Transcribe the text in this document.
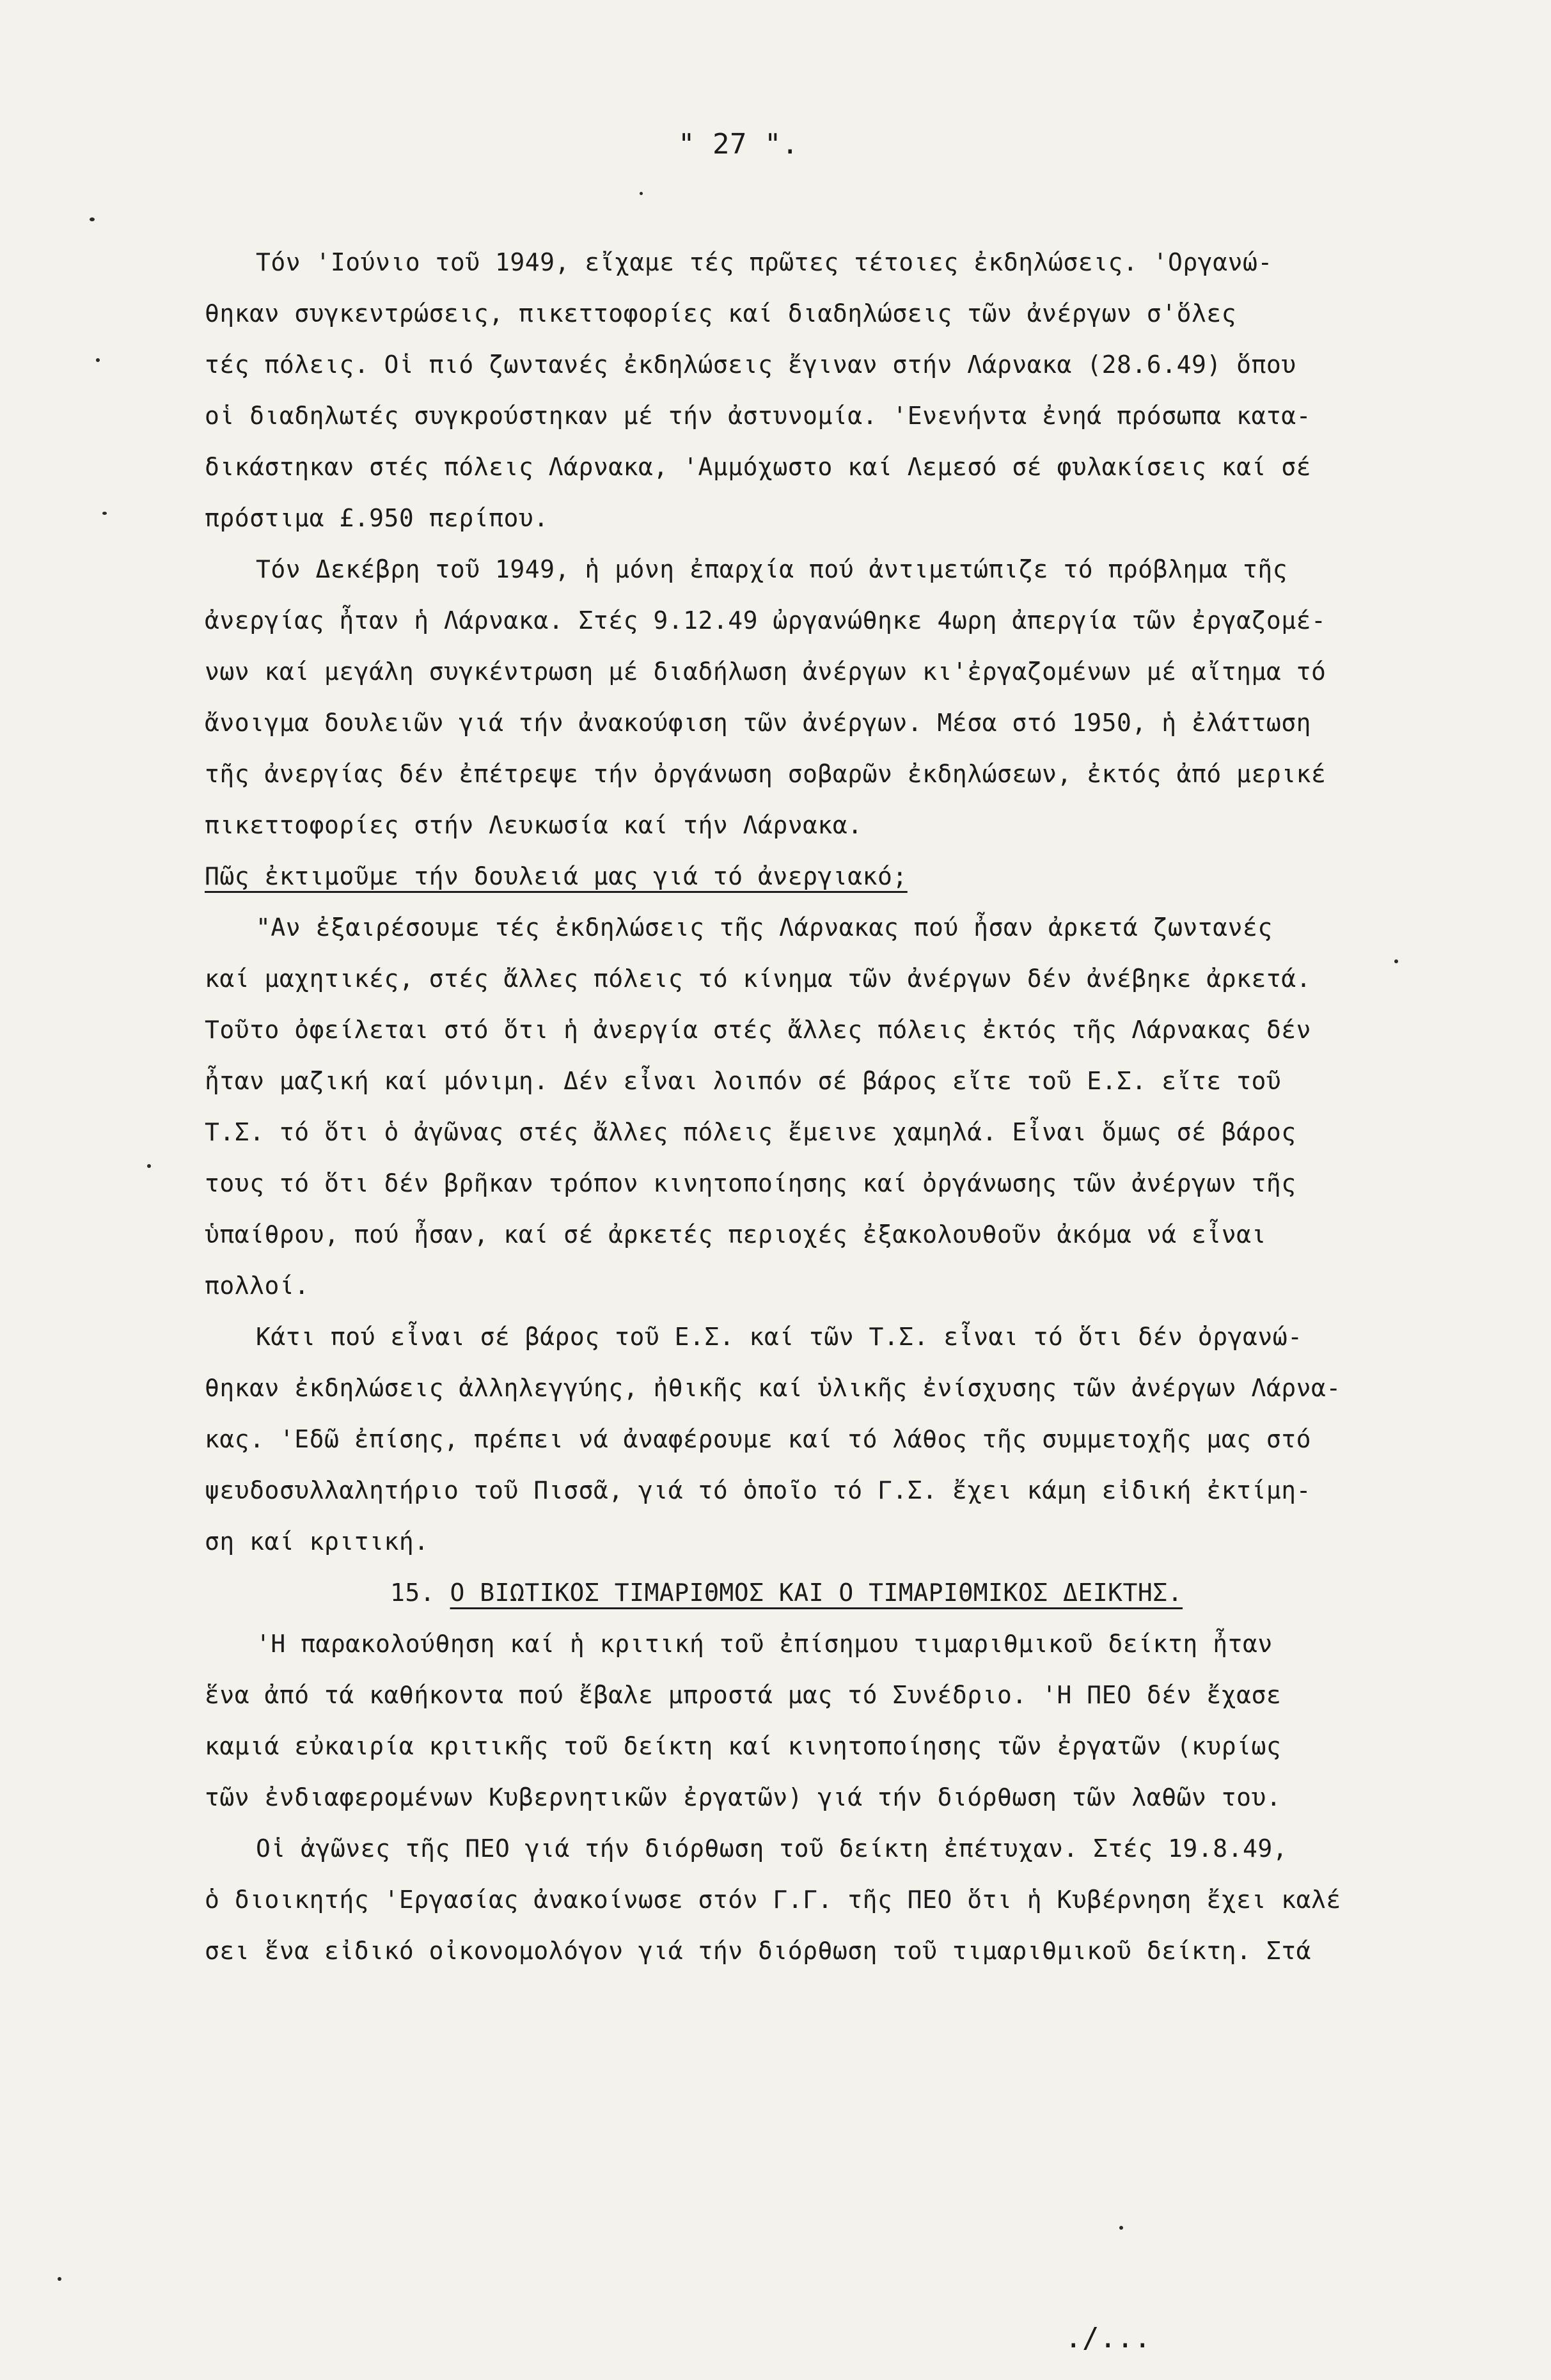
" 27 ".
Τόν 'Ιούνιο τοῦ 1949, εἴχαμε τές πρῶτες τέτοιες ἐκδηλώσεις. 'Οργανώ-
θηκαν συγκεντρώσεις, πικεττοφορίες καί διαδηλώσεις τῶν ἀνέργων σ'ὅλες
τές πόλεις. Οἱ πιό ζωντανές ἐκδηλώσεις ἔγιναν στήν Λάρνακα (28.6.49) ὅπου
οἱ διαδηλωτές συγκρούστηκαν μέ τήν ἀστυνομία. 'Ενενήντα ἐνηά πρόσωπα κατα-
δικάστηκαν στές πόλεις Λάρνακα, 'Αμμόχωστο καί Λεμεσό σέ φυλακίσεις καί σέ
πρόστιμα £.950 περίπου.
Τόν Δεκέβρη τοῦ 1949, ἡ μόνη ἐπαρχία πού ἀντιμετώπιζε τό πρόβλημα τῆς
ἀνεργίας ἦταν ἡ Λάρνακα. Στές 9.12.49 ὠργανώθηκε 4ωρη ἀπεργία τῶν ἐργαζομέ-
νων καί μεγάλη συγκέντρωση μέ διαδήλωση ἀνέργων κι'ἐργαζομένων μέ αἴτημα τό
ἄνοιγμα δουλειῶν γιά τήν ἀνακούφιση τῶν ἀνέργων. Μέσα στό 1950, ἡ ἐλάττωση
τῆς ἀνεργίας δέν ἐπέτρεψε τήν ὀργάνωση σοβαρῶν ἐκδηλώσεων, ἐκτός ἀπό μερικέ
πικεττοφορίες στήν Λευκωσία καί τήν Λάρνακα.
Πῶς ἐκτιμοῦμε τήν δουλειά μας γιά τό ἀνεργιακό;
"Αν ἐξαιρέσουμε τές ἐκδηλώσεις τῆς Λάρνακας πού ἦσαν ἀρκετά ζωντανές
καί μαχητικές, στές ἄλλες πόλεις τό κίνημα τῶν ἀνέργων δέν ἀνέβηκε ἀρκετά.
Τοῦτο ὀφείλεται στό ὅτι ἡ ἀνεργία στές ἄλλες πόλεις ἐκτός τῆς Λάρνακας δέν
ἦταν μαζική καί μόνιμη. Δέν εἶναι λοιπόν σέ βάρος εἴτε τοῦ Ε.Σ. εἴτε τοῦ
Τ.Σ. τό ὅτι ὁ ἀγῶνας στές ἄλλες πόλεις ἔμεινε χαμηλά. Εἶναι ὅμως σέ βάρος
τους τό ὅτι δέν βρῆκαν τρόπον κινητοποίησης καί ὀργάνωσης τῶν ἀνέργων τῆς
ὑπαίθρου, πού ἦσαν, καί σέ ἀρκετές περιοχές ἐξακολουθοῦν ἀκόμα νά εἶναι
πολλοί.
Κάτι πού εἶναι σέ βάρος τοῦ Ε.Σ. καί τῶν Τ.Σ. εἶναι τό ὅτι δέν ὀργανώ-
θηκαν ἐκδηλώσεις ἀλληλεγγύης, ἠθικῆς καί ὑλικῆς ἐνίσχυσης τῶν ἀνέργων Λάρνα-
κας. 'Εδῶ ἐπίσης, πρέπει νά ἀναφέρουμε καί τό λάθος τῆς συμμετοχῆς μας στό
ψευδοσυλλαλητήριο τοῦ Πισσᾶ, γιά τό ὁποῖο τό Γ.Σ. ἔχει κάμη εἰδική ἐκτίμη-
ση καί κριτική.
15. Ο ΒΙΩΤΙΚΟΣ ΤΙΜΑΡΙΘΜΟΣ ΚΑΙ Ο ΤΙΜΑΡΙΘΜΙΚΟΣ ΔΕΙΚΤΗΣ.
'Η παρακολούθηση καί ἡ κριτική τοῦ ἐπίσημου τιμαριθμικοῦ δείκτη ἦταν
ἕνα ἀπό τά καθήκοντα πού ἔβαλε μπροστά μας τό Συνέδριο. 'Η ΠΕΟ δέν ἔχασε
καμιά εὐκαιρία κριτικῆς τοῦ δείκτη καί κινητοποίησης τῶν ἐργατῶν (κυρίως
τῶν ἐνδιαφερομένων Κυβερνητικῶν ἐργατῶν) γιά τήν διόρθωση τῶν λαθῶν του.
Οἱ ἀγῶνες τῆς ΠΕΟ γιά τήν διόρθωση τοῦ δείκτη ἐπέτυχαν. Στές 19.8.49,
ὁ διοικητής 'Εργασίας ἀνακοίνωσε στόν Γ.Γ. τῆς ΠΕΟ ὅτι ἡ Κυβέρνηση ἔχει καλέ
σει ἕνα εἰδικό οἰκονομολόγον γιά τήν διόρθωση τοῦ τιμαριθμικοῦ δείκτη. Στά
./...
